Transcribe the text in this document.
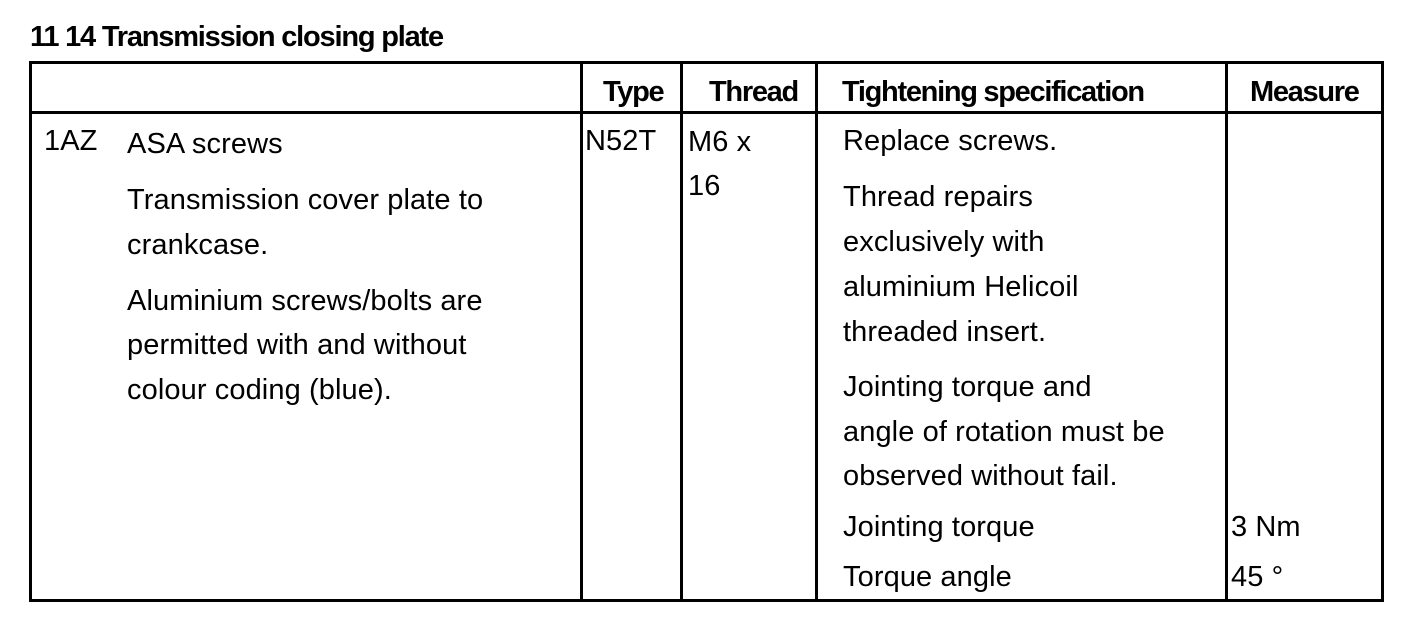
11 14 Transmission closing plate
Type Thread Tightening specification	Measure
1AZ ASA screws
Transmission cover plate to
crankcase.
Aluminium screws/bolts are
permitted with and without
colour coding (blue).
N52T M6 x
16
Replace screws.
Thread repairs
exclusively with
aluminium Helicoil
threaded insert.
Jointing torque and
angle of rotation must be
observed without fail.
Jointing torque
Torque angle
3 Nm
45 °
